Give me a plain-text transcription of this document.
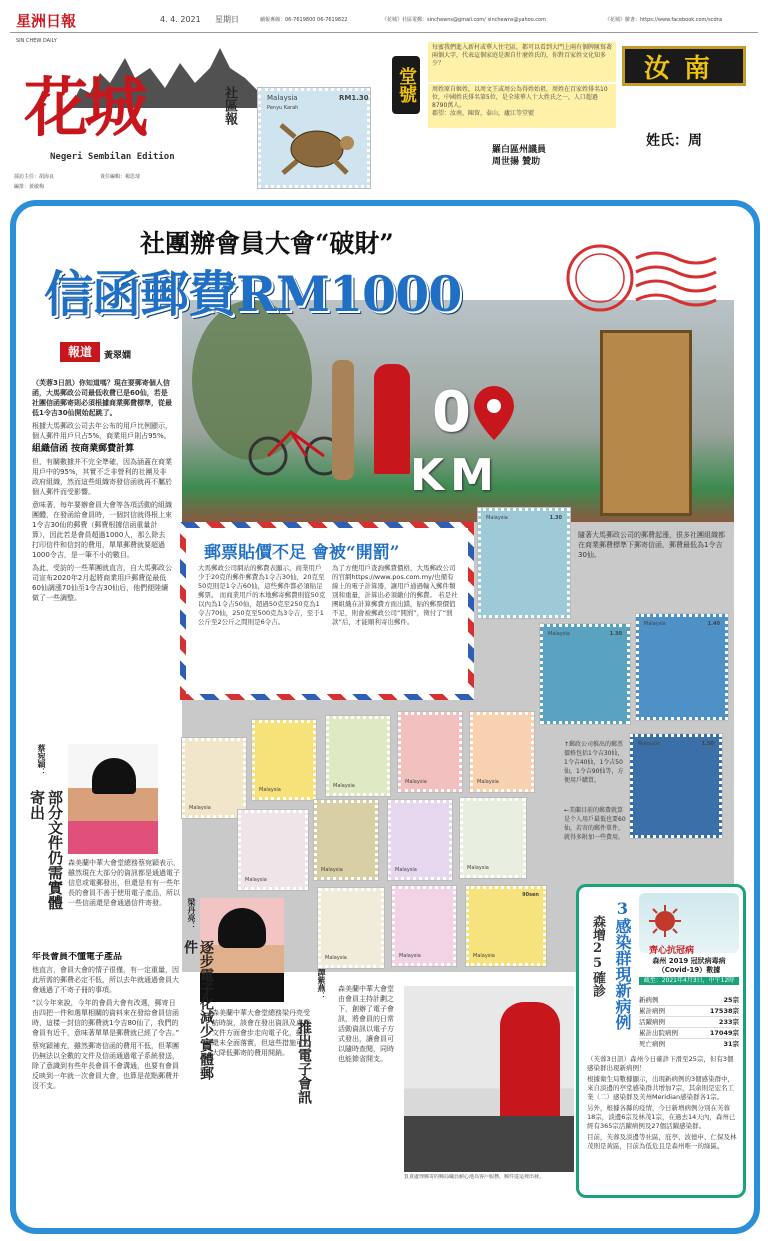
星洲日報	4. 4. 2021 星期日	續報專線：06-7619800 06-7619822	《花城》社區電郵：sinchewns@gmail.com/ sinchewns@yahoo.com	《花城》臉書：https://www.facebook.com/scdns
SIN CHEW DAILY
花城	社區報
Negeri Sembilan Edition
採訪主任：胡海良	責任編輯：楊思琦
編排：黃敏梅
Malaysia	RM1.30
Penyu Karah
堂號
每蜜我們進入新村或華人住宅區，都可以看到大門上兩有個牌匾寫著兩個大字，代表這個家庭是源自什麼姓氏的，你對百家姓文化知多少？
周姓原自姬姓，以周文王或周公為得姓始祖，周姓在百家姓排名10位，中國姓氏排名第5位，是全球華人十大姓氏之一，人口超過8790萬人。
郡望：汝南，陳留，泰山，廬江等堂號
汝南
姓氏：周
羅白區州議員
周世揚 贊助
0
KM
社團辦會員大會“破財”
信函郵費RM1000
報道	黃翠嫻

（芙蓉3日訊）你知道嗎？現在要郵寄個人信函，大馬郵政公司最低收費已是60仙，若是社團信函郵寄則必須根據商業郵費標準，從最低1令吉30仙開始起跳了。

根據大馬郵政公司去年公布的用戶比例顯示，個人郵件用戶只占5%，商業用戶則占95%。

組織信函 按商業郵費計算

但，有關數據并不完全準確，因為涵蓋在商業用戶中的95%，其實不乏非營利的社團及非政府組織，然而這些組織寄發信函就再不屬於個人郵件而受影響。

意味著，每年要辦會員大會等各項活動的組織團體，在發函給會員時，一個封信就得根上來1令吉30仙的郵費（郵費根據信函重量計算），因此若是會員超過1000人，那么除去打印信件和信封的費用，單單郵費就要超過1000令吉，是一筆不小的數目。

為此，受訪的一些華團就直言，自大馬郵政公司宣布2020年2月起將商業用戶郵費從最低60仙調漲70仙至1令吉30仙后，他們便陸續做了一些調整。

蔡宛穎：
部分文件仍需實體寄出
森美蘭中華大會堂總務蔡宛穎表示，雖然現在大部分的資訊都是通過電子信息或電郵發出，但還是有有一些年長的會員不善于使用電子產品，所以一些信函還是會通過信件寄發。

年長會員不懂電子產品

他直言，會員大會的情子很僅，有一定重量，因此所需的郵費必定不低，所以去年就通過會員大會通過了不寄子冊的事項。

“以今年來說，今年的會員大會有改選，郵寄日由四把一件和選單相關的資料來在發給會員信函時，這樣一封信的郵費就1令吉80仙了，我們的會員有近千，意味著單單是郵費就已經了令吉。”

蔡宛穎補充，雖然郵寄信函的費用不低，但華團仍無法以全數的文件及信函通過電子系統發送，除了意識到有些年長會員不會溝通，也要有會員反映到一年就一次會員大會，也算是花點郵費并沒不支。

梁丹亮：
逐步電子化減少實體郵件
森美蘭中華大會堂總務梁丹亮受訪時說，該會在發出資訊及處理文件方面會步走向電子化，雖然還未全面落實，但這些措施可大大降低郵寄的費用開銷。
譚紫燕：
推出電子會訊
森美蘭中華大會堂由會員主持計劃之下，創辦了電子會訊，將會員的日常活動資訊以電子方式發出，讓會員可以隨時查閱，同時也能節省開支。
負責處理郵寄的郵局職員耐心地為客戶服務，郵件從這裡出發。
郵票貼價不足 會被“開罰”
大馬郵政公司網站的郵費表顯示，商業用戶少于20克的郵件郵費為1令吉30仙，20克至50克則是1令吉60仙，這些郵件都必須貼足郵票。 而商業用戶的本地郵寄郵費則從50克以內為1令吉50仙，超過50克至250克為1令吉70仙，250克至500克為3令吉，至于1公斤至2公斤之間則是6令吉。
為了方便用戶查詢郵費價格，大馬郵政公司的官網https://www.pos.com.my/也備有線上的電子計算器，讓用戶通過輸入郵件類別和重量，計算出必須繳付的郵費。 若是社團組織在計算郵費方面出錯，貼的郵票價值不足，則會被郵政公司“開罰”，徵付了“罰款”后，才能順利寄出郵件。
Malaysia	1.30
Malaysia	1.30
Malaysia	1.40
Malaysia	1.50
隨著大馬郵政公司的郵費起漲，很多社團組織都在商業郵費標準下郵寄信函，郵費最低為1令吉30仙。
↑郵政公司推出的郵票價格包括1令吉30仙，1令吉40仙，1令吉50仙，1令吉90仙等，方便用戶購買。
←美蘭目前的郵費就算是个人用戶最低也要60仙，若寄的郵件單件，就得多附加一些費用。
Malaysia
Malaysia
Malaysia
Malaysia	Malaysia
Malaysia
Malaysia	Malaysia	Malaysia
Malaysia	Malaysia	Malaysia
90sen
3感染群現新病例
森增25確診	齊心抗冠病
森州 2019 冠狀病毒病（Covid-19）數據
截至：2021年4月3日，中午12時
新病例	25宗
累計病例	17538宗
活躍病例	233宗
累計出院病例	17049宗
死亡病例	31宗

（芙蓉3日訊）森州今日確診下滑至25宗，但有3個感染群出現新病例！

根據衛生局數據顯示，出現新病例的3個感染群中，來自淡邊的亭堂感染群共增加7宗，其余則是宏名工業（二）感染群及芙州Meridian感染群各1宗。

另外，根據各縣的疫情，今日新增病例分別在芙蓉18宗，淡邊6宗及林茂1宗，在過去14天內，森州已經有365宗活躍病例及27個活躍感染群。

目前，芙蓉及淡邊等社區，庇亭、波德申、仁保及林茂則是黃區，目前為低危且是森州唯一的綠區。
